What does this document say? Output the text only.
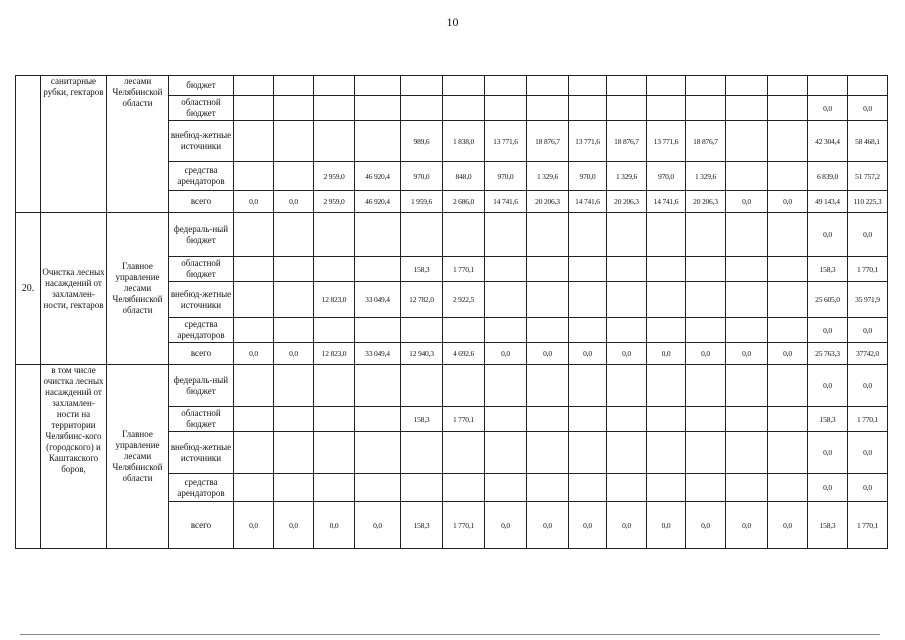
10
	санитарные рубки, гектаров	лесами Челябинской области	бюджет																
			областной бюджет															0,0	0,0
			внебюд-жетные источники					989,6	1 838,0	13 771,6	18 876,7	13 771,6	18 876,7	13 771,6	18 876,7			42 304,4	58 468,1
			средства арендаторов			2 959,0	46 920,4	970,0	848,0	970,0	1 329,6	970,0	1 329,6	970,0	1 329,6			6 839,0	51 757,2
			всего	0,0	0,0	2 959,0	46 920,4	1 959,6	2 686,0	14 741,6	20 206,3	14 741,6	20 206,3	14 741,6	20 206,3	0,0	0,0	49 143,4	110 225,3
20.	Очистка лесных насаждений от захламлен-ности, гектаров	Главное управление лесами Челябинской области	федераль-ный бюджет															0,0	0,0
			областной бюджет					158,3	1 770,1									158,3	1 770,1
			внебюд-жетные источники			12 823,0	33 049,4	12 782,0	2 922,5									25 605,0	35 971,9
			средства арендаторов															0,0	0,0
			всего	0,0	0,0	12 823,0	33 049,4	12 940,3	4 692,6	0,0	0,0	0,0	0,0	0,0	0,0	0,0	0,0	25 763,3	37742,0
	в том числе очистка лесных насаждений от захламлен-ности на территории Челябинс-кого (городского) и Каштакского боров,	Главное управление лесами Челябинской области	федераль-ный бюджет															0,0	0,0
			областной бюджет					158,3	1 770,1									158,3	1 770,1
			внебюд-жетные источники															0,0	0,0
			средства арендаторов															0,0	0,0
			всего	0,0	0,0	0,0	0,0	158,3	1 770,1	0,0	0,0	0,0	0,0	0,0	0,0	0,0	0,0	158,3	1 770,1
